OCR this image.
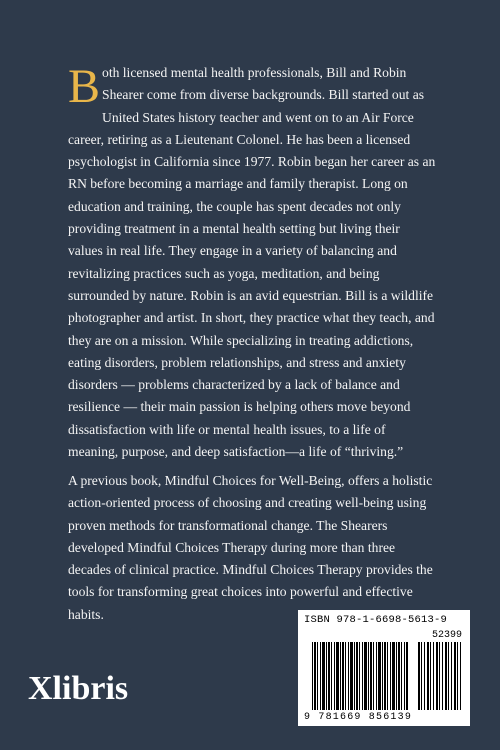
Both licensed mental health professionals, Bill and Robin Shearer come from diverse backgrounds. Bill started out as United States history teacher and went on to an Air Force career, retiring as a Lieutenant Colonel. He has been a licensed psychologist in California since 1977. Robin began her career as an RN before becoming a marriage and family therapist. Long on education and training, the couple has spent decades not only providing treatment in a mental health setting but living their values in real life. They engage in a variety of balancing and revitalizing practices such as yoga, meditation, and being surrounded by nature. Robin is an avid equestrian. Bill is a wildlife photographer and artist. In short, they practice what they teach, and they are on a mission. While specializing in treating addictions, eating disorders, problem relationships, and stress and anxiety disorders — problems characterized by a lack of balance and resilience — their main passion is helping others move beyond dissatisfaction with life or mental health issues, to a life of meaning, purpose, and deep satisfaction—a life of “thriving.”

A previous book, Mindful Choices for Well-Being, offers a holistic action-oriented process of choosing and creating well-being using proven methods for transformational change. The Shearers developed Mindful Choices Therapy during more than three decades of clinical practice. Mindful Choices Therapy provides the tools for transforming great choices into powerful and effective habits.

Xlibris
ISBN 978-1-6698-5613-9
52399
9 781669 856139
